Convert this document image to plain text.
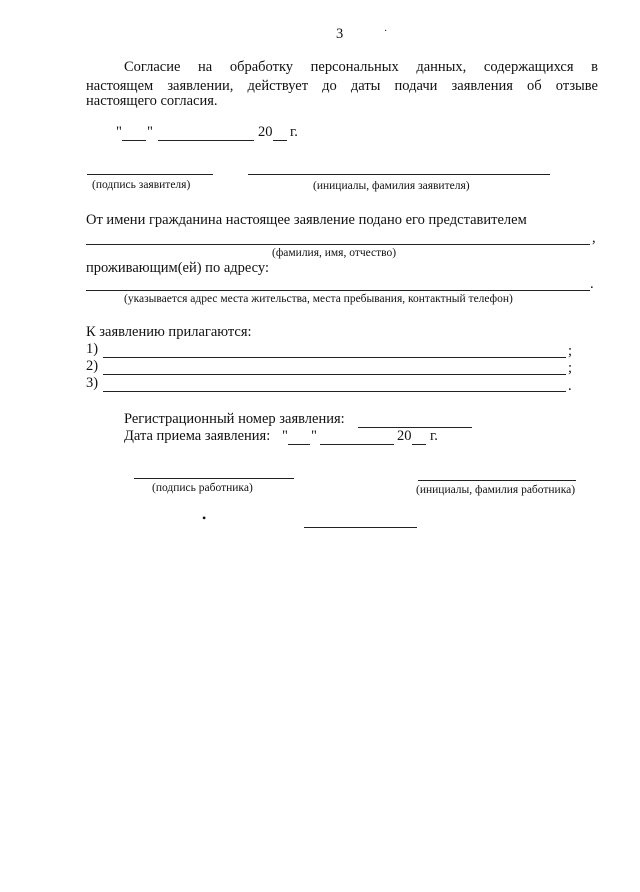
3	·
Согласие на обработку персональных данных, содержащихся в
настоящем заявлении, действует до даты подачи заявления об отзыве
настоящего согласия.
" "	20 г.
(подпись заявителя)	(инициалы, фамилия заявителя)
От имени гражданина настоящее заявление подано его представителем
,
(фамилия, имя, отчество)
проживающим(ей) по адресу:
.
(указывается адрес места жительства, места пребывания, контактный телефон)
К заявлению прилагаются:
1)	;
2)	;
3)	.
Регистрационный номер заявления:
Дата приема заявления: " "	20 г.
(подпись работника)	(инициалы, фамилия работника)
•
